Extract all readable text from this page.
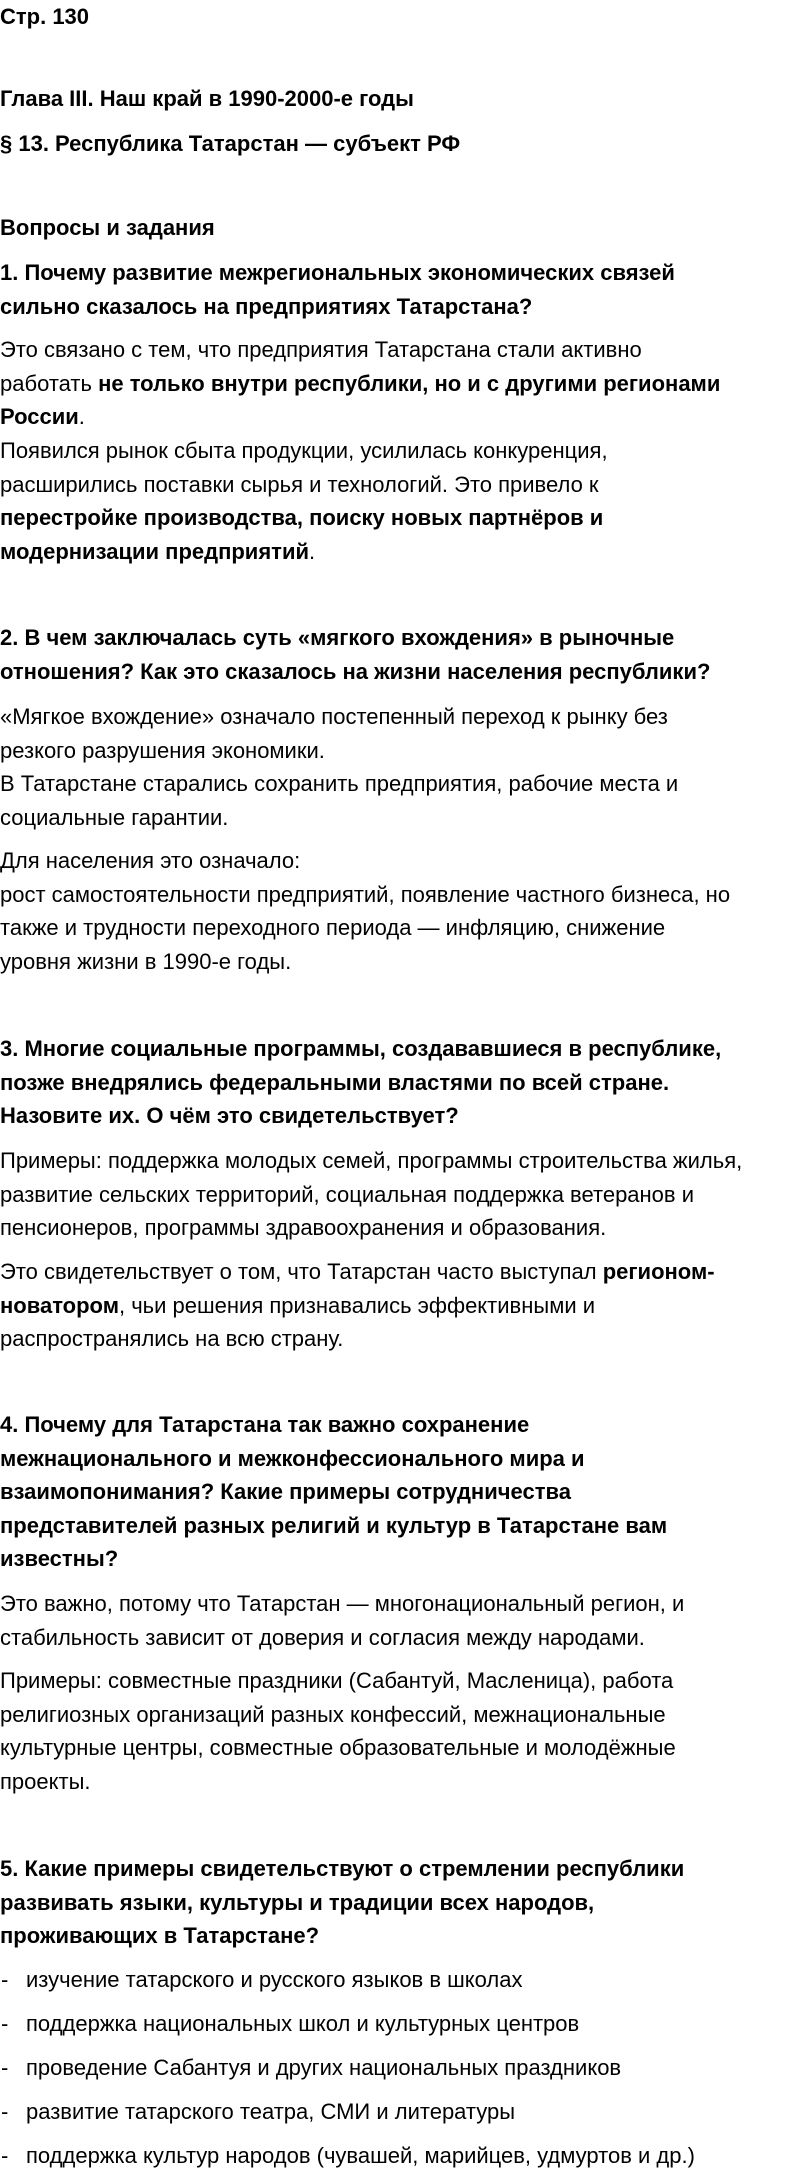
Стр. 130
Глава III. Наш край в 1990-2000-е годы
§ 13. Республика Татарстан — субъект РФ
Вопросы и задания
1. Почему развитие межрегиональных экономических связей
сильно сказалось на предприятиях Татарстана?
Это связано с тем, что предприятия Татарстана стали активно
работать не только внутри республики, но и с другими регионами
России.
Появился рынок сбыта продукции, усилилась конкуренция,
расширились поставки сырья и технологий. Это привело к
перестройке производства, поиску новых партнёров и
модернизации предприятий.
2. В чем заключалась суть «мягкого вхождения» в рыночные
отношения? Как это сказалось на жизни населения республики?
«Мягкое вхождение» означало постепенный переход к рынку без
резкого разрушения экономики.
В Татарстане старались сохранить предприятия, рабочие места и
социальные гарантии.
Для населения это означало:
рост самостоятельности предприятий, появление частного бизнеса, но
также и трудности переходного периода — инфляцию, снижение
уровня жизни в 1990-е годы.
3. Многие социальные программы, создававшиеся в республике,
позже внедрялись федеральными властями по всей стране.
Назовите их. О чём это свидетельствует?
Примеры: поддержка молодых семей, программы строительства жилья,
развитие сельских территорий, социальная поддержка ветеранов и
пенсионеров, программы здравоохранения и образования.
Это свидетельствует о том, что Татарстан часто выступал регионом-
новатором, чьи решения признавались эффективными и
распространялись на всю страну.
4. Почему для Татарстана так важно сохранение
межнационального и межконфессионального мира и
взаимопонимания? Какие примеры сотрудничества
представителей разных религий и культур в Татарстане вам
известны?
Это важно, потому что Татарстан — многонациональный регион, и
стабильность зависит от доверия и согласия между народами.
Примеры: совместные праздники (Сабантуй, Масленица), работа
религиозных организаций разных конфессий, межнациональные
культурные центры, совместные образовательные и молодёжные
проекты.
5. Какие примеры свидетельствуют о стремлении республики
развивать языки, культуры и традиции всех народов,
проживающих в Татарстане?
- изучение татарского и русского языков в школах
- поддержка национальных школ и культурных центров
- проведение Сабантуя и других национальных праздников
- развитие татарского театра, СМИ и литературы
- поддержка культур народов (чувашей, марийцев, удмуртов и др.)
